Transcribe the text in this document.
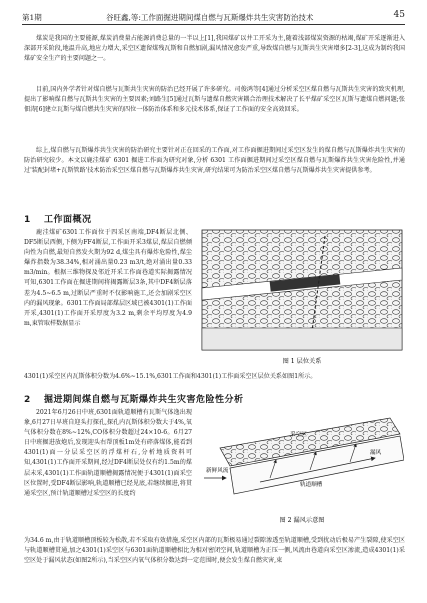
第1期	谷旺鑫,等:工作面掘进期间煤自燃与瓦斯爆炸共生灾害防治技术	45

煤炭是我国的主要能源,煤炭消费量占能源消费总量的一半以上[1],我国煤矿以井工开采为主,随着浅部煤炭资源的枯竭,煤矿开采逐渐进入深部开采阶段,地温升高,地应力增大,采空区遗留煤残瓦斯和自燃加剧,漏风情况愈发严重,导致煤自燃与瓦斯共生灾害增多[2-3],这成为制约我国煤矿安全生产的主要问题之一。

目前,国内外学者针对煤自燃与瓦斯共生灾害的防治已经开展了许多研究。司俊鸿等[4]通过分析采空区煤自燃与瓦斯共生灾害的致灾机理,提出了影响煤自燃与瓦斯共生灾害的主要因素;刘路生[5]通过瓦斯与遗煤自燃灾害耦合治理技术解决了长平煤矿采空区瓦斯与遗煤自燃问题;张佃涛[6]建立瓦斯与煤自燃共生灾害的四位一体防治体系和多元技术体系,保证了工作面的安全高效回采。

综上,煤自燃与瓦斯爆炸共生灾害的防治研究主要针对正在回采的工作面,对工作面掘进期间过采空区发生的煤自燃与瓦斯爆炸共生灾害的防治研究较少。本文以鹿洼煤矿 6301 掘进工作面为研究对象,分析 6301 工作面掘进期间过采空区煤自燃与瓦斯爆炸共生灾害危险性,并通过'装配封堵+瓦斯管路'技术防治采空区煤自燃与瓦斯爆炸共生灾害,研究结果可为防治采空区煤自燃与瓦斯爆炸共生灾害提供参考。

1 工作面概况

鹿洼煤矿6301工作面位于四采区南端,DF4断层北侧、DF5断层西侧,下侧为FF4断层,工作面开采3煤层,煤层自燃倾向性为自燃,最短自然发火期为92 d,煤尘具有爆炸危险性,煤尘爆炸指数为38.34%,相对涌出量0.23 m3/t,绝对涌出量0.33 m3/min。根据三维物探及邻近开采工作面巷道实际揭露情况可知,6301工作面在掘进期间将揭露断层3条,其中DF4断层落差为4.5~6.5 m,过断层严重时不仅影响施工,还会加剧采空区内的漏风现象。6301工作面局部煤层区域已被4301(1)工作面开采,4301(1)工作面开采厚度为3.2 m,剩余平均厚度为4.9 m,東管取样数据显示

图 1 层位关系

4301(1)采空区内瓦斯体积分数为4.6%~15.1%,6301工作面和4301(1)工作面采空区层位关系如图1所示。

2 掘进期间煤自燃与瓦斯爆炸共生灾害危险性分析

2021年6月26日中班,6301面轨道顺槽有瓦斯气体逸出现象,6月27日早班自迎头打探孔,探孔内瓦斯体积分数大于4%,氧气体积分数在8%~12%,CO体积分数超过24×10-6。6月27日中班掘进放炮后,发现迎头右帮顶板1m处有碎落煤体,能看到4301(1)面一分层采空区的浮煤杆石,分析地质资料可知,4301(1)工作面开采期间,经过DF4断层处仅有约1.5m的煤层未采,4301(1)工作面轨道顺槽揭露情况便于4301(1)面采空区位置时,受DF4断层影响,轨道顺槽已经见底,若继续掘进,将贯通采空区,预计轨道顺槽过采空区的长度约

漏风
采空区
轨道顺槽
新鲜风流
图 2 漏风示意图

为34.6 m,由于轨道顺槽顶板较为松散,若不采取有效措施,采空区内部的瓦斯极易通过裂隙渗透至轨道顺槽,受到扰动后极易产生裂隙,使采空区与轨道顺槽贯通,加之4301(1)采空区与6301面轨道顺槽相比为相对密闭空间,轨道顺槽为正压一侧,风流由巷道向采空区渗流,造成4301(1)采空区处于漏风状态(如图2所示),当采空区内氧气体积分数达到一定范围时,便会发生煤自燃灾害,束
